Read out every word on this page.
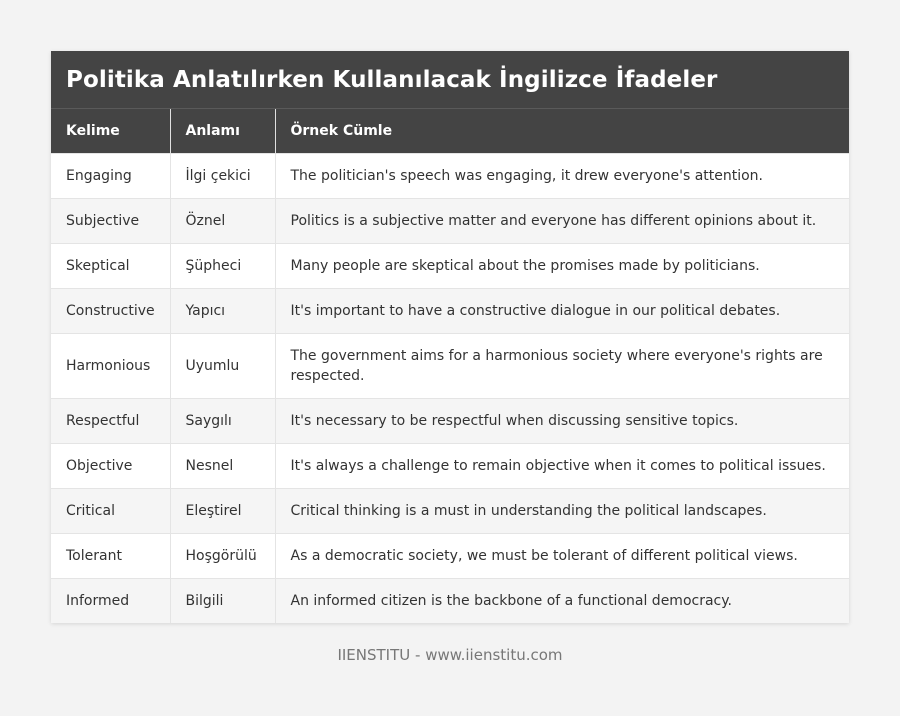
Politika Anlatılırken Kullanılacak İngilizce İfadeler
Kelime	Anlamı	Örnek Cümle
Engaging	İlgi çekici	The politician's speech was engaging, it drew everyone's attention.
Subjective	Öznel	Politics is a subjective matter and everyone has different opinions about it.
Skeptical	Şüpheci	Many people are skeptical about the promises made by politicians.
Constructive	Yapıcı	It's important to have a constructive dialogue in our political debates.
Harmonious	Uyumlu	The government aims for a harmonious society where everyone's rights are respected.
Respectful	Saygılı	It's necessary to be respectful when discussing sensitive topics.
Objective	Nesnel	It's always a challenge to remain objective when it comes to political issues.
Critical	Eleştirel	Critical thinking is a must in understanding the political landscapes.
Tolerant	Hoşgörülü	As a democratic society, we must be tolerant of different political views.
Informed	Bilgili	An informed citizen is the backbone of a functional democracy.
IIENSTITU - www.iienstitu.com
